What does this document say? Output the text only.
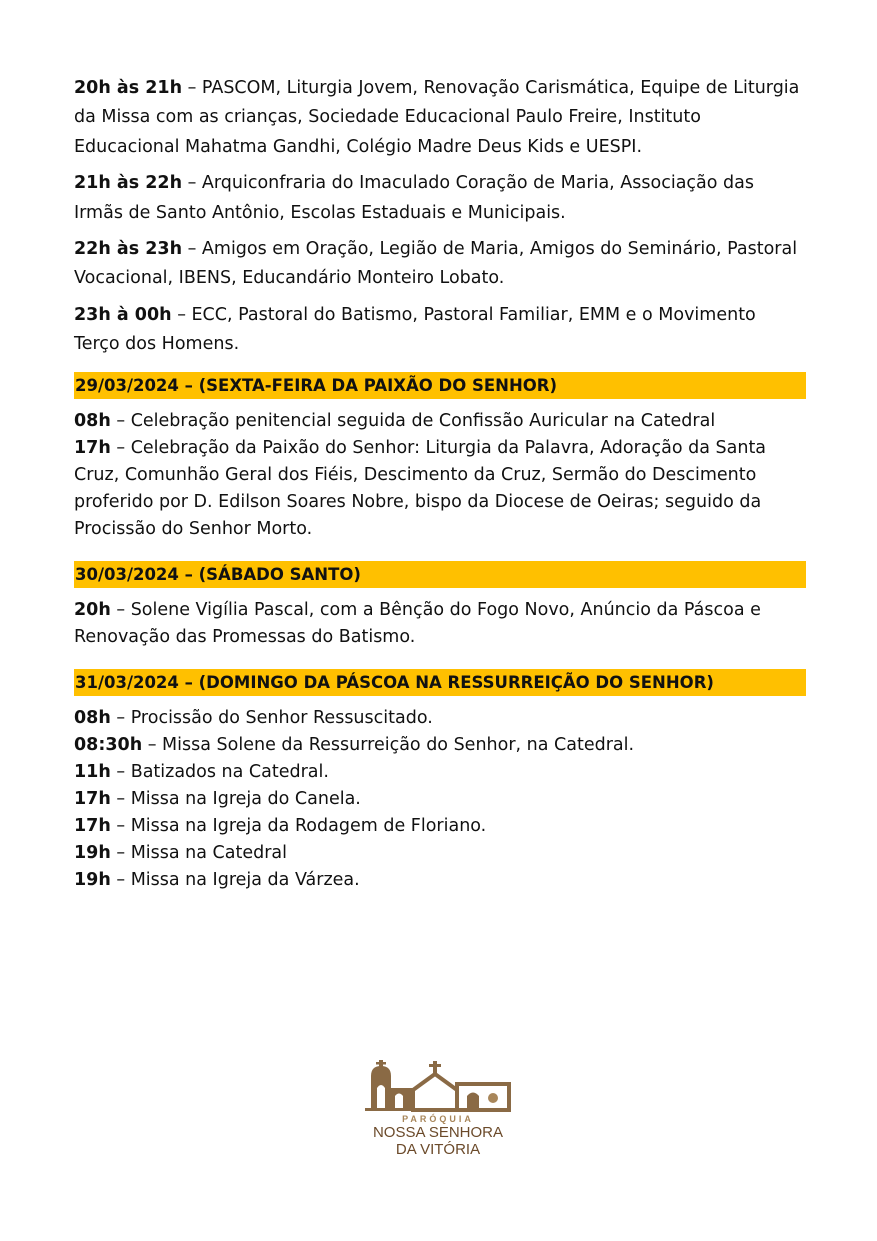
20h às 21h – PASCOM, Liturgia Jovem, Renovação Carismática, Equipe de Liturgia da Missa com as crianças, Sociedade Educacional Paulo Freire, Instituto Educacional Mahatma Gandhi, Colégio Madre Deus Kids e UESPI.

21h às 22h – Arquiconfraria do Imaculado Coração de Maria, Associação das Irmãs de Santo Antônio, Escolas Estaduais e Municipais.

22h às 23h – Amigos em Oração, Legião de Maria, Amigos do Seminário, Pastoral Vocacional, IBENS, Educandário Monteiro Lobato.

23h à 00h – ECC, Pastoral do Batismo, Pastoral Familiar, EMM e o Movimento Terço dos Homens.

29/03/2024 – (SEXTA-FEIRA DA PAIXÃO DO SENHOR)
08h – Celebração penitencial seguida de Confissão Auricular na Catedral
17h – Celebração da Paixão do Senhor: Liturgia da Palavra, Adoração da Santa Cruz, Comunhão Geral dos Fiéis, Descimento da Cruz, Sermão do Descimento proferido por D. Edilson Soares Nobre, bispo da Diocese de Oeiras; seguido da Procissão do Senhor Morto.
30/03/2024 – (SÁBADO SANTO)
20h – Solene Vigília Pascal, com a Bênção do Fogo Novo, Anúncio da Páscoa e Renovação das Promessas do Batismo.
31/03/2024 – (DOMINGO DA PÁSCOA NA RESSURREIÇÃO DO SENHOR)
08h – Procissão do Senhor Ressuscitado.
08:30h – Missa Solene da Ressurreição do Senhor, na Catedral.
11h – Batizados na Catedral.
17h – Missa na Igreja do Canela.
17h – Missa na Igreja da Rodagem de Floriano.
19h – Missa na Catedral
19h – Missa na Igreja da Várzea.
PARÓQUIA
NOSSA SENHORA
DA VITÓRIA
